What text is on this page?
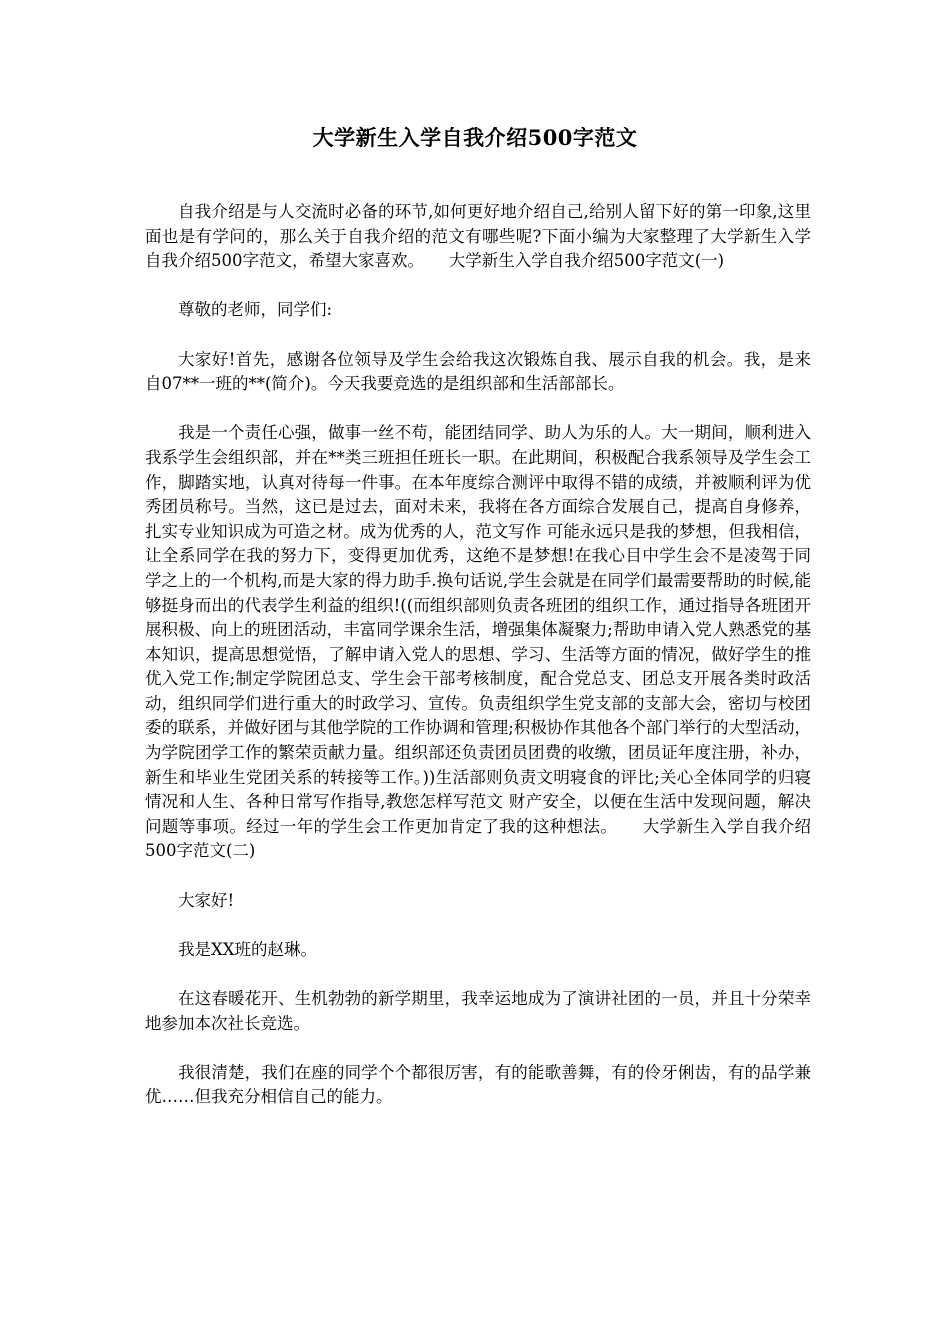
大学新生入学自我介绍500字范文

自我介绍是与人交流时必备的环节,如何更好地介绍自己,给别人留下好的第一印象,这里面也是有学问的，那么关于自我介绍的范文有哪些呢?下面小编为大家整理了大学新生入学自我介绍500字范文，希望大家喜欢。　　大学新生入学自我介绍500字范文(一)

尊敬的老师，同学们:

大家好!首先，感谢各位领导及学生会给我这次锻炼自我、展示自我的机会。我，是来自07**一班的**(简介)。今天我要竞选的是组织部和生活部部长。

我是一个责任心强，做事一丝不苟，能团结同学、助人为乐的人。大一期间，顺利进入我系学生会组织部，并在**类三班担任班长一职。在此期间，积极配合我系领导及学生会工作，脚踏实地，认真对待每一件事。在本年度综合测评中取得不错的成绩，并被顺利评为优秀团员称号。当然，这已是过去，面对未来，我将在各方面综合发展自己，提高自身修养，扎实专业知识成为可造之材。成为优秀的人，范文写作 可能永远只是我的梦想，但我相信，让全系同学在我的努力下，变得更加优秀，这绝不是梦想!在我心目中学生会不是凌驾于同学之上的一个机构,而是大家的得力助手.换句话说,学生会就是在同学们最需要帮助的时候,能够挺身而出的代表学生利益的组织!((而组织部则负责各班团的组织工作，通过指导各班团开展积极、向上的班团活动，丰富同学课余生活，增强集体凝聚力;帮助申请入党人熟悉党的基本知识，提高思想觉悟，了解申请入党人的思想、学习、生活等方面的情况，做好学生的推优入党工作;制定学院团总支、学生会干部考核制度，配合党总支、团总支开展各类时政活动，组织同学们进行重大的时政学习、宣传。负责组织学生党支部的支部大会，密切与校团委的联系，并做好团与其他学院的工作协调和管理;积极协作其他各个部门举行的大型活动，为学院团学工作的繁荣贡献力量。组织部还负责团员团费的收缴，团员证年度注册，补办，新生和毕业生党团关系的转接等工作。))生活部则负责文明寝食的评比;关心全体同学的归寝情况和人生、各种日常写作指导,教您怎样写范文 财产安全，以便在生活中发现问题，解决问题等事项。经过一年的学生会工作更加肯定了我的这种想法。　　大学新生入学自我介绍500字范文(二)

大家好!

我是XX班的赵琳。

在这春暖花开、生机勃勃的新学期里，我幸运地成为了演讲社团的一员，并且十分荣幸地参加本次社长竞选。

我很清楚，我们在座的同学个个都很厉害，有的能歌善舞，有的伶牙俐齿，有的品学兼优……但我充分相信自己的能力。
